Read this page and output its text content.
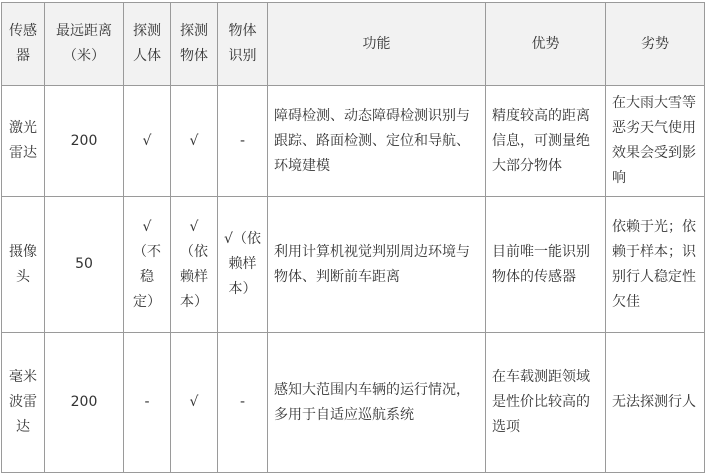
传感器	最远距离（米）	探测人体	探测物体	物体识别	功能	优势	劣势
激光雷达	200	√	√	-	障碍检测、动态障碍检测识别与跟踪、路面检测、定位和导航、环境建模	精度较高的距离信息，可测量绝大部分物体	在大雨大雪等恶劣天气使用效果会受到影响
摄像头	50	√（不稳定）	√（依赖样本）	√（依赖样本）	利用计算机视觉判别周边环境与物体、判断前车距离	目前唯一能识别物体的传感器	依赖于光；依赖于样本；识别行人稳定性欠佳
毫米波雷达	200	-	√	-	感知大范围内车辆的运行情况，多用于自适应巡航系统	在车载测距领域是性价比较高的选项	无法探测行人
